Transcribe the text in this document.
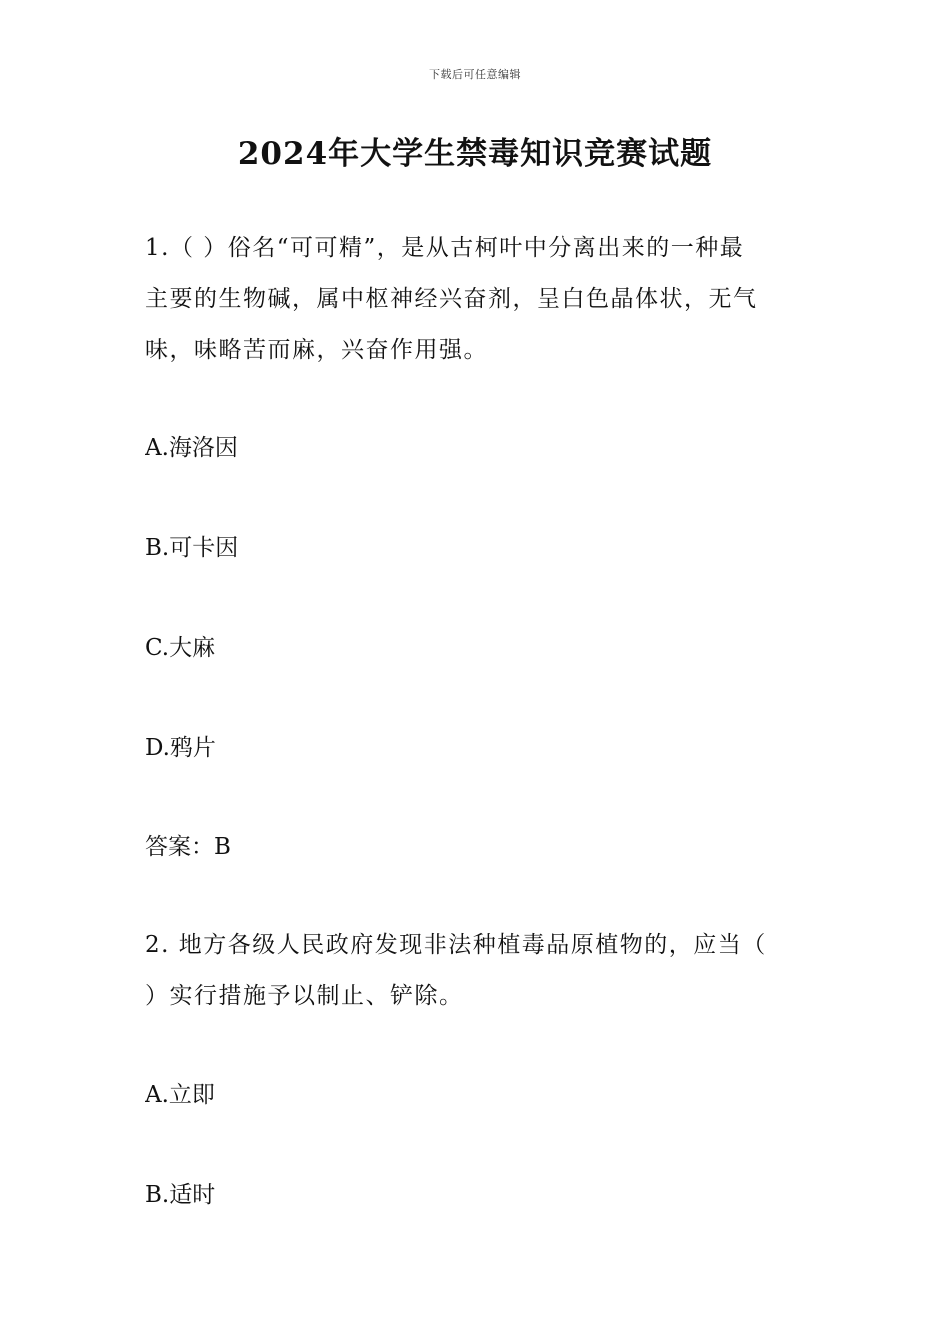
下载后可任意编辑
2024年大学生禁毒知识竞赛试题
1.（ ）俗名“可可精”，是从古柯叶中分离出来的一种最
主要的生物碱，属中枢神经兴奋剂，呈白色晶体状，无气
味，味略苦而麻，兴奋作用强。
A.海洛因
B.可卡因
C.大麻
D.鸦片
答案：B
2. 地方各级人民政府发现非法种植毒品原植物的，应当（
）实行措施予以制止、铲除。
A.立即
B.适时
